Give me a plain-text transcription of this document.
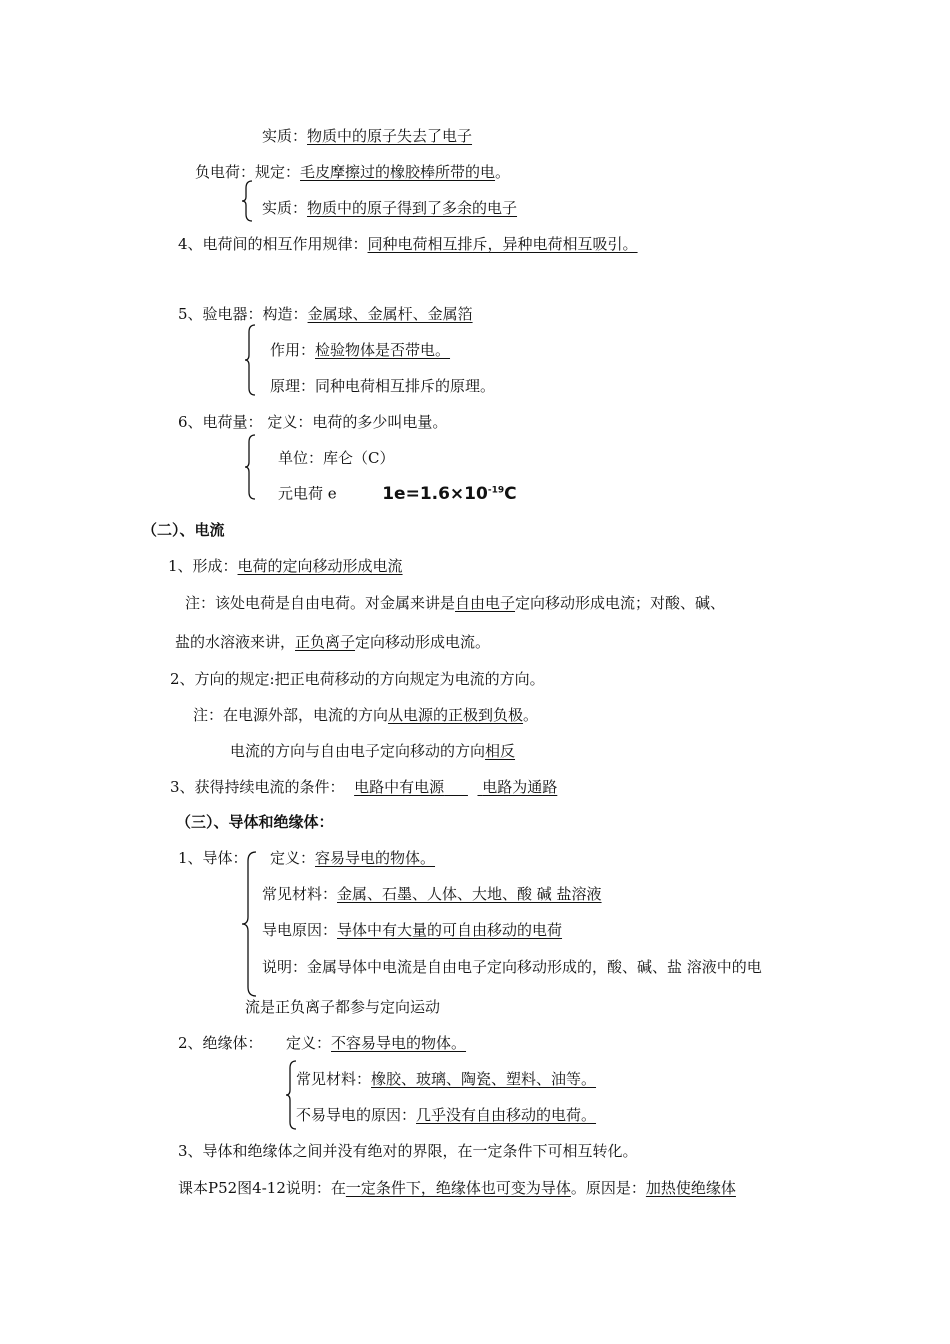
实质：物质中的原子失去了电子
负电荷：规定：毛皮摩擦过的橡胶棒所带的电。
实质：物质中的原子得到了多余的电子
4、电荷间的相互作用规律：同种电荷相互排斥，异种电荷相互吸引。
5、验电器：构造：金属球、金属杆、金属箔
作用：检验物体是否带电。
原理：同种电荷相互排斥的原理。
6、电荷量： 定义：电荷的多少叫电量。
单位：库仑（C）
元电荷 e	$1e=1.6\times 10^{-19}C$
（二）、电流
1、形成：电荷的定向移动形成电流
注：该处电荷是自由电荷。对金属来讲是自由电子定向移动形成电流；对酸、碱、
盐的水溶液来讲，正负离子定向移动形成电流。
2、方向的规定:把正电荷移动的方向规定为电流的方向。
注：在电源外部，电流的方向从电源的正极到负极。
电流的方向与自由电子定向移动的方向相反
3、获得持续电流的条件： 电路中有电源	电路为通路
（三）、导体和绝缘体：
1、导体： 定义：容易导电的物体。
常见材料：金属、石墨、人体、大地、酸 碱 盐溶液
导电原因：导体中有大量的可自由移动的电荷
说明：金属导体中电流是自由电子定向移动形成的，酸、碱、盐 溶液中的电
流是正负离子都参与定向运动
2、绝缘体： 定义：不容易导电的物体。
常见材料：橡胶、玻璃、陶瓷、塑料、油等。
不易导电的原因：几乎没有自由移动的电荷。
3、导体和绝缘体之间并没有绝对的界限，在一定条件下可相互转化。
课本P52图4-12说明：在一定条件下，绝缘体也可变为导体。原因是：加热使绝缘体
